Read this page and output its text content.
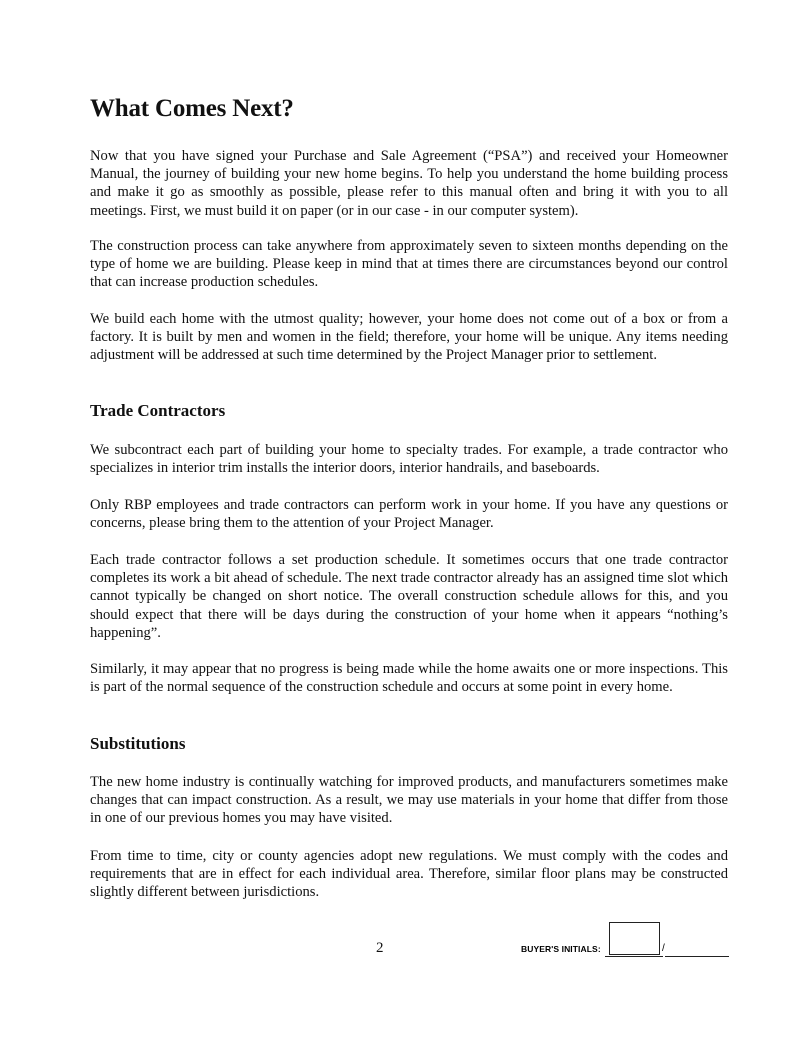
What Comes Next?

Now that you have signed your Purchase and Sale Agreement (“PSA”) and received your Homeowner Manual, the journey of building your new home begins. To help you understand the home building process and make it go as smoothly as possible, please refer to this manual often and bring it with you to all meetings. First, we must build it on paper (or in our case - in our computer system).

The construction process can take anywhere from approximately seven to sixteen months depending on the type of home we are building. Please keep in mind that at times there are circumstances beyond our control that can increase production schedules.

We build each home with the utmost quality; however, your home does not come out of a box or from a factory. It is built by men and women in the field; therefore, your home will be unique. Any items needing adjustment will be addressed at such time determined by the Project Manager prior to settlement.

Trade Contractors

We subcontract each part of building your home to specialty trades. For example, a trade contractor who specializes in interior trim installs the interior doors, interior handrails, and baseboards.

Only RBP employees and trade contractors can perform work in your home. If you have any questions or concerns, please bring them to the attention of your Project Manager.

Each trade contractor follows a set production schedule. It sometimes occurs that one trade contractor completes its work a bit ahead of schedule. The next trade contractor already has an assigned time slot which cannot typically be changed on short notice. The overall construction schedule allows for this, and you should expect that there will be days during the construction of your home when it appears “nothing’s happening”.

Similarly, it may appear that no progress is being made while the home awaits one or more inspections. This is part of the normal sequence of the construction schedule and occurs at some point in every home.

Substitutions

The new home industry is continually watching for improved products, and manufacturers sometimes make changes that can impact construction. As a result, we may use materials in your home that differ from those in one of our previous homes you may have visited.

From time to time, city or county agencies adopt new regulations. We must comply with the codes and requirements that are in effect for each individual area. Therefore, similar floor plans may be constructed slightly different between jurisdictions.

2	BUYER'S INITIALS:	/
